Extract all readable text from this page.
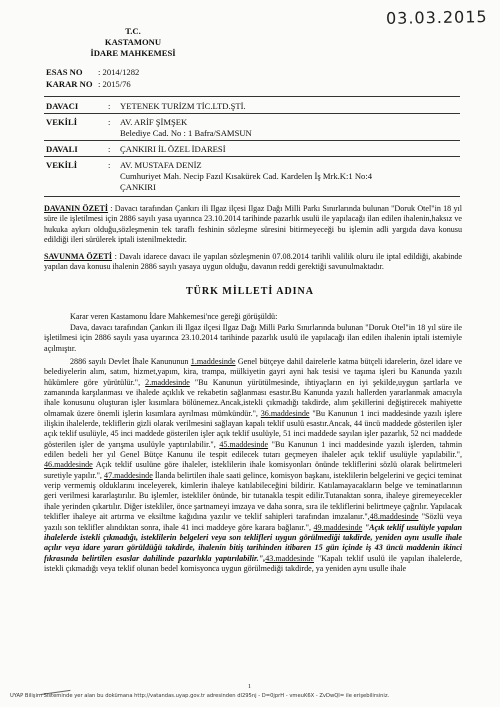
03.03.2015
T.C.
KASTAMONU
İDARE MAHKEMESİ
ESAS NO : 2014/1282
KARAR NO : 2015/76
DAVACI	: YETENEK TURİZM TİC.LTD.ŞTİ.
VEKİLİ	: AV. ARİF ŞİMŞEK
Belediye Cad. No : 1 Bafra/SAMSUN
DAVALI	: ÇANKIRI İL ÖZEL İDARESİ
VEKİLİ	: AV. MUSTAFA DENİZ
Cumhuriyet Mah. Necip Fazıl Kısakürek Cad. Kardelen İş Mrk.K:1 No:4
ÇANKIRI
DAVANIN ÖZETİ : Davacı tarafından Çankırı ili Ilgaz ilçesi Ilgaz Dağı Milli Parkı Sınırlarında bulunan "Doruk Otel"in 18 yıl süre ile işletilmesi için 2886 sayılı yasa uyarınca 23.10.2014 tarihinde pazarlık usulü ile yapılacağı ilan edilen ihalenin,haksız ve hukuka aykırı olduğu,sözleşmenin tek taraflı feshinin sözleşme süresini bitirmeyeceği bu işlemin adli yargıda dava konusu edildiği ileri sürülerek iptali istenilmektedir.
SAVUNMA ÖZETİ : Davalı idarece davacı ile yapılan sözleşmenin 07.08.2014 tarihli valilik oluru ile iptal edildiği, akabinde yapılan dava konusu ihalenin 2886 sayılı yasaya uygun olduğu, davanın reddi gerektiği savunulmaktadır.
TÜRK MİLLETİ ADINA
Karar veren Kastamonu İdare Mahkemesi'nce gereği görüşüldü:
Dava, davacı tarafından Çankırı ili Ilgaz ilçesi Ilgaz Dağı Milli Parkı Sınırlarında bulunan "Doruk Otel"in 18 yıl süre ile işletilmesi için 2886 sayılı yasa uyarınca 23.10.2014 tarihinde pazarlık usulü ile yapılacağı ilan edilen ihalenin iptali istemiyle açılmıştır.
2886 sayılı Devlet İhale Kanununun 1.maddesinde Genel bütçeye dahil dairelerle katma bütçeli idarelerin, özel idare ve belediyelerin alım, satım, hizmet,yapım, kira, trampa, mülkiyetin gayri ayni hak tesisi ve taşıma işleri bu Kanunda yazılı hükümlere göre yürütülür.", 2.maddesinde "Bu Kanunun yürütülmesinde, ihtiyaçların en iyi şekilde,uygun şartlarla ve zamanında karşılanması ve ihalede açıklık ve rekabetin sağlanması esastır.Bu Kanunda yazılı hallerden yararlanmak amacıyla ihale konusunu oluşturan işler kısımlara bölünemez.Ancak,istekli çıkmadığı takdirde, alım şekillerini değiştirecek mahiyette olmamak üzere önemli işlerin kısımlara ayrılması mümkündür.", 36.maddesinde "Bu Kanunun 1 inci maddesinde yazılı işlere ilişkin ihalelerde, tekliflerin gizli olarak verilmesini sağlayan kapalı teklif usulü esastır.Ancak, 44 üncü maddede gösterilen işler açık teklif usulüyle, 45 inci maddede gösterilen işler açık teklif usulüyle, 51 inci maddede sayılan işler pazarlık, 52 nci maddede gösterilen işler de yarışma usulüyle yaptırılabilir.", 45.maddesinde "Bu Kanunun 1 inci maddesinde yazılı işlerden, tahmin edilen bedeli her yıl Genel Bütçe Kanunu ile tespit edilecek tutarı geçmeyen ihaleler açık teklif usulüyle yapılabilir.", 46.maddesinde Açık teklif usulüne göre ihaleler, isteklilerin ihale komisyonları önünde tekliflerini sözlü olarak belirtmeleri suretiyle yapılır.", 47.maddesinde İlanda belirtilen ihale saati gelince, komisyon başkanı, isteklilerin belgelerini ve geçici teminat verip vermemiş olduklarını inceleyerek, kimlerin ihaleye katılabileceğini bildirir. Katılamayacakların belge ve teminatlarının geri verilmesi kararlaştırılır. Bu işlemler, istekliler önünde, bir tutanakla tespit edilir.Tutanaktan sonra, ihaleye giremeyecekler ihale yerinden çıkartılır. Diğer istekliler, önce şartnameyi imzaya ve daha sonra, sıra ile tekliflerini belirtmeye çağrılır. Yapılacak teklifler ihaleye ait artırma ve eksiltme kağıdına yazılır ve teklif sahipleri tarafından imzalanır.",48.maddesinde "Sözlü veya yazılı son teklifler alındıktan sonra, ihale 41 inci maddeye göre karara bağlanır.", 49.maddesinde "Açık teklif usulüyle yapılan ihalelerde istekli çıkmadığı, isteklilerin belgeleri veya son teklifleri uygun görülmediği takdirde, yeniden aynı usulle ihale açılır veya idare yararı görüldüğü takdirde, ihalenin bitiş tarihinden itibaren 15 gün içinde iş 43 üncü maddenin ikinci fıkrasında belirtilen esaslar dahilinde pazarlıkla yaptırılabilir.",43.maddesinde "Kapalı teklif usulü ile yapılan ihalelerde, istekli çıkmadığı veya teklif olunan bedel komisyonca uygun görülmediği takdirde, ya yeniden aynı usulle ihale
1
UYAP Bilişim Sisteminde yer alan bu dokümana http://vatandas.uyap.gov.tr adresinden dl295nj - D=0jprH - vmeuK6X - ZvDwQI= ile erişebilirsiniz.
